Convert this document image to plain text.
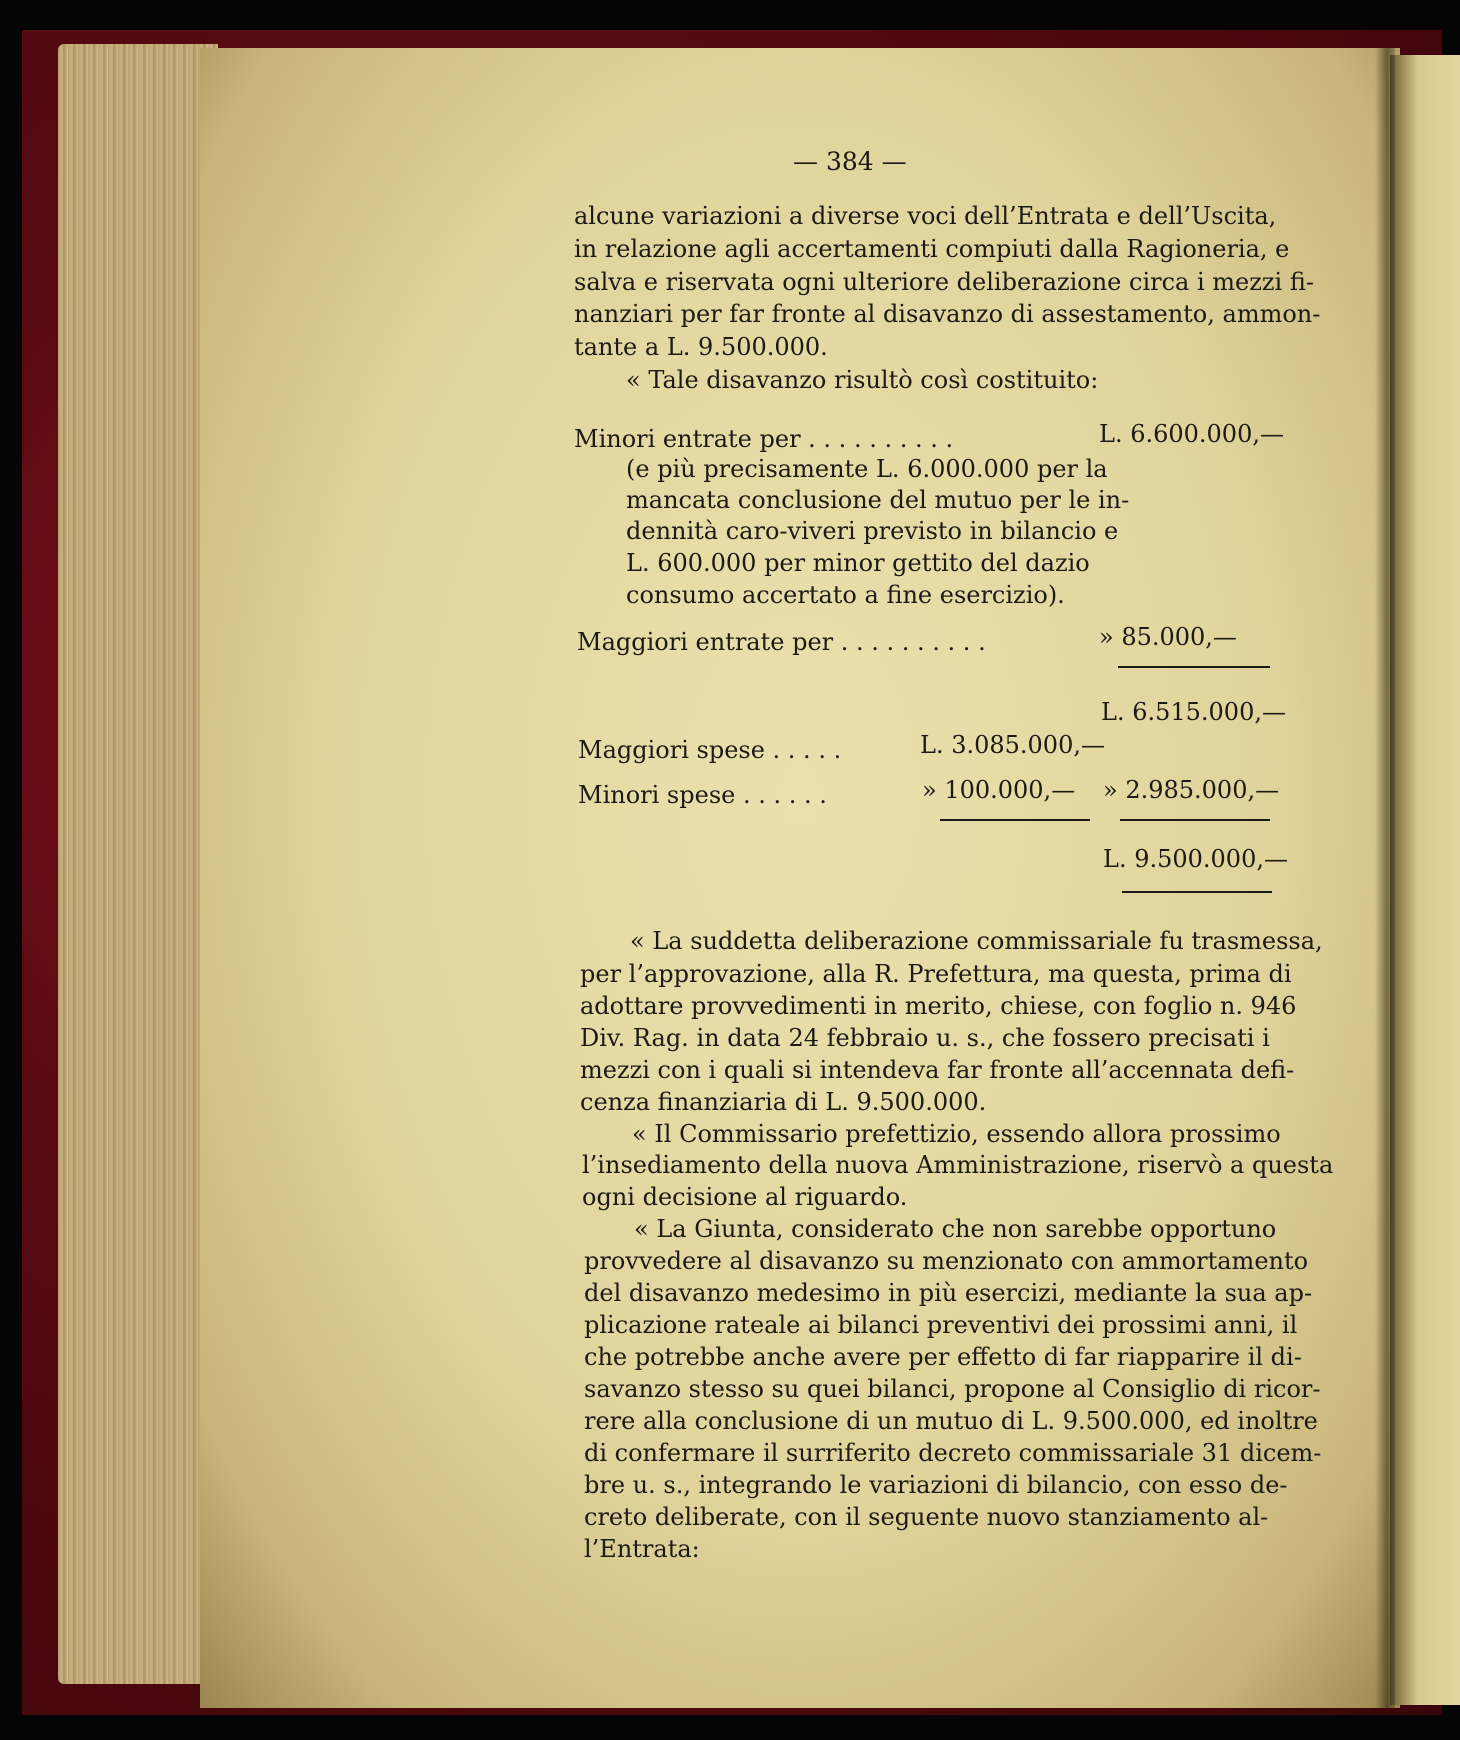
— 384 —
alcune variazioni a diverse voci dell’Entrata e dell’Uscita,
in relazione agli accertamenti compiuti dalla Ragioneria, e
salva e riservata ogni ulteriore deliberazione circa i mezzi fi-
nanziari per far fronte al disavanzo di assestamento, ammon-
tante a L. 9.500.000.
« Tale disavanzo risultò così costituito:
Minori entrate per . . . . . . . . . .	L. 6.600.000,—
(e più precisamente L. 6.000.000 per la
mancata conclusione del mutuo per le in-
dennità caro-viveri previsto in bilancio e
L. 600.000 per minor gettito del dazio
consumo accertato a fine esercizio).
Maggiori entrate per . . . . . . . . . .	» 85.000,—
L. 6.515.000,—
Maggiori spese . . . . .	L. 3.085.000,—
Minori spese . . . . . .	» 100.000,— » 2.985.000,—
L. 9.500.000,—
« La suddetta deliberazione commissariale fu trasmessa,
per l’approvazione, alla R. Prefettura, ma questa, prima di
adottare provvedimenti in merito, chiese, con foglio n. 946
Div. Rag. in data 24 febbraio u. s., che fossero precisati i
mezzi con i quali si intendeva far fronte all’accennata defi-
cenza finanziaria di L. 9.500.000.
« Il Commissario prefettizio, essendo allora prossimo
l’insediamento della nuova Amministrazione, riservò a questa
ogni decisione al riguardo.
« La Giunta, considerato che non sarebbe opportuno
provvedere al disavanzo su menzionato con ammortamento
del disavanzo medesimo in più esercizi, mediante la sua ap-
plicazione rateale ai bilanci preventivi dei prossimi anni, il
che potrebbe anche avere per effetto di far riapparire il di-
savanzo stesso su quei bilanci, propone al Consiglio di ricor-
rere alla conclusione di un mutuo di L. 9.500.000, ed inoltre
di confermare il surriferito decreto commissariale 31 dicem-
bre u. s., integrando le variazioni di bilancio, con esso de-
creto deliberate, con il seguente nuovo stanziamento al-
l’Entrata:
